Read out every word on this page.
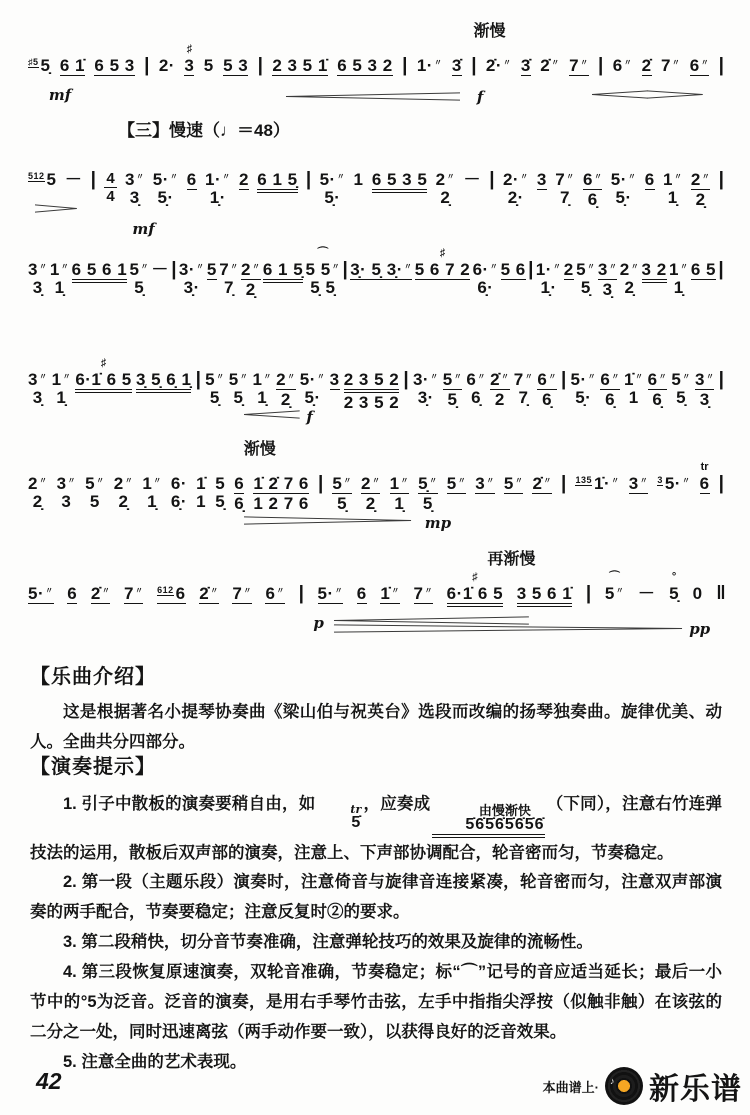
渐慢

$^{♯5}$ 5̣
6 1̇
6 5 3 |
2·
♯
3
5
5 3 |
2 3 5 1̇
6 5 3 2 |
1·〃
3̇ |
2̇·〃
3̇
2̇〃
7〃 |
6〃
2̇
7〃
6〃 |
mf	f
【三】慢速（♩＝48）

$^{512}$ 5
－ | 4
4

3〃
3̣

5·〃
5̣·

6
1·〃
1̣·

2
6 1 5̣ |
5·〃
5̣·

1
6 5 3 5
2〃
2̣

－ |
2·〃
2̣·

3
7〃
7̣

6〃
6̣

5·〃
5̣·

6
1〃
1̣

2〃
2̣
|
mf

3〃
3̣

1〃
1̣

6 5 6 1
5〃
5̣

－ |
3·〃
3̣·

5
7〃
7̣

2〃
2̣

6 1 5̣
⌒
5 5〃
5̣ 5̣
|
3̣· 5̣ 3̣·〃
♯
5 6 7 2
6·〃
6̣·

5 6 |
1·〃
1̣·

2
5〃
5̣

3〃
3̣

2〃
2̣

3 2
1〃
1̣

6 5 |

3〃
3̣

1〃
1̣
♯
6·1̇ 6 5
3̣ 5̣ 6̣ 1̣ |
5〃
5̣

5〃
5̣

1〃
1̣

2〃
2̣

5·〃
5̣·

3
2 3 5 2
2 3 5 2
|
3·〃
3̣·

5〃
5̣

6〃
6̣

2̇〃
2

7〃
7̣

6〃
6̣
|
5·〃
5̣·

6〃
6̣

1̇〃
1

6〃
6̣

5〃
5̣

3〃
3̣
|
f
渐慢

2〃
2̣

3〃
3

5〃
5

2〃
2̣

1〃
1̣

6·
6̣·

1̇
1

5
5̣

6
6̣

1̇ 2̇ 7 6
1 2 7 6
|
5〃
5̣

2〃
2̣

1〃
1̣

5̣〃
5̣

5〃
3〃
5〃
2̇〃 |
$^{135}$ 1̇·〃
3〃
$^3$ 5·〃
tr
6 |
mp
再渐慢

5·〃
6
2̇〃
7〃
$^{612}$ 6
2̇〃
7〃
6〃 |
5·〃
6
1̇〃
7〃
♯
6·1̇ 6 5
3 5 6 1̇ |
⌒
5〃
－
°
5̣
0 ‖
p	pp
【乐曲介绍】

这是根据著名小提琴协奏曲《梁山伯与祝英台》选段而改编的扬琴独奏曲。旋律优美、动人。全曲共分四部分。

【演奏提示】

1. 引子中散板的演奏要稍自由，如	tr
5̇
，应奏成	由慢渐快
5̇6̇5̇6̇5̇6̇5̇6̇
（下同），注意右竹连弹技法的运用，散板后双声部的演奏，注意上、下声部协调配合，轮音密而匀，节奏稳定。

2. 第一段（主题乐段）演奏时，注意倚音与旋律音连接紧凑，轮音密而匀，注意双声部演奏的两手配合，节奏要稳定；注意反复时②的要求。

3. 第二段稍快，切分音节奏准确，注意弹轮技巧的效果及旋律的流畅性。

4. 第三段恢复原速演奏，双轮音准确，节奏稳定；标“⌒”记号的音应适当延长；最后一小节中的°5为泛音。泛音的演奏，是用右手琴竹击弦，左手中指指尖浮按（似触非触）在该弦的二分之一处，同时迅速离弦（两手动作要一致），以获得良好的泛音效果。

5. 注意全曲的艺术表现。

42	本曲谱上· ♪ 新乐谱
